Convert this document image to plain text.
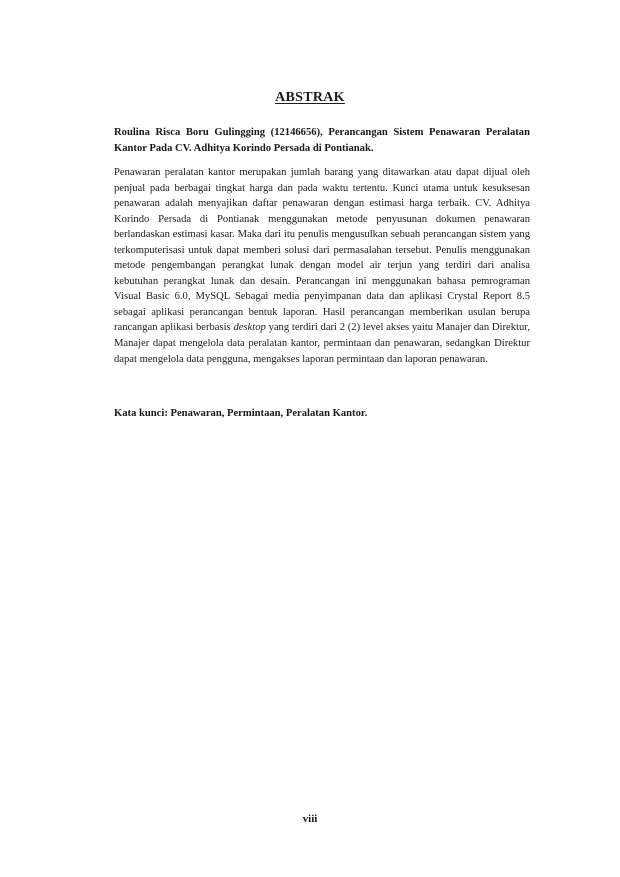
ABSTRAK
Roulina Risca Boru Gulingging (12146656), Perancangan Sistem Penawaran Peralatan Kantor Pada CV. Adhitya Korindo Persada di Pontianak.
Penawaran peralatan kantor merupakan jumlah barang yang ditawarkan atau dapat dijual oleh penjual pada berbagai tingkat harga dan pada waktu tertentu. Kunci utama untuk kesuksesan penawaran adalah menyajikan daftar penawaran dengan estimasi harga terbaik. CV. Adhitya Korindo Persada di Pontianak menggunakan metode penyusunan dokumen penawaran berlandaskan estimasi kasar. Maka dari itu penulis mengusulkan sebuah perancangan sistem yang terkomputerisasi untuk dapat memberi solusi dari permasalahan tersebut. Penulis menggunakan metode pengembangan perangkat lunak dengan model air terjun yang terdiri dari analisa kebutuhan perangkat lunak dan desain. Perancangan ini menggunakan bahasa pemrograman Visual Basic 6.0, MySQL Sebagai media penyimpanan data dan aplikasi Crystal Report 8.5 sebagai aplikasi perancangan bentuk laporan. Hasil perancangan memberikan usulan berupa rancangan aplikasi berbasis desktop yang terdiri dari 2 (2) level akses yaitu Manajer dan Direktur, Manajer dapat mengelola data peralatan kantor, permintaan dan penawaran, sedangkan Direktur dapat mengelola data pengguna, mengakses laporan permintaan dan laporan penawaran.
Kata kunci: Penawaran, Permintaan, Peralatan Kantor.
viii
